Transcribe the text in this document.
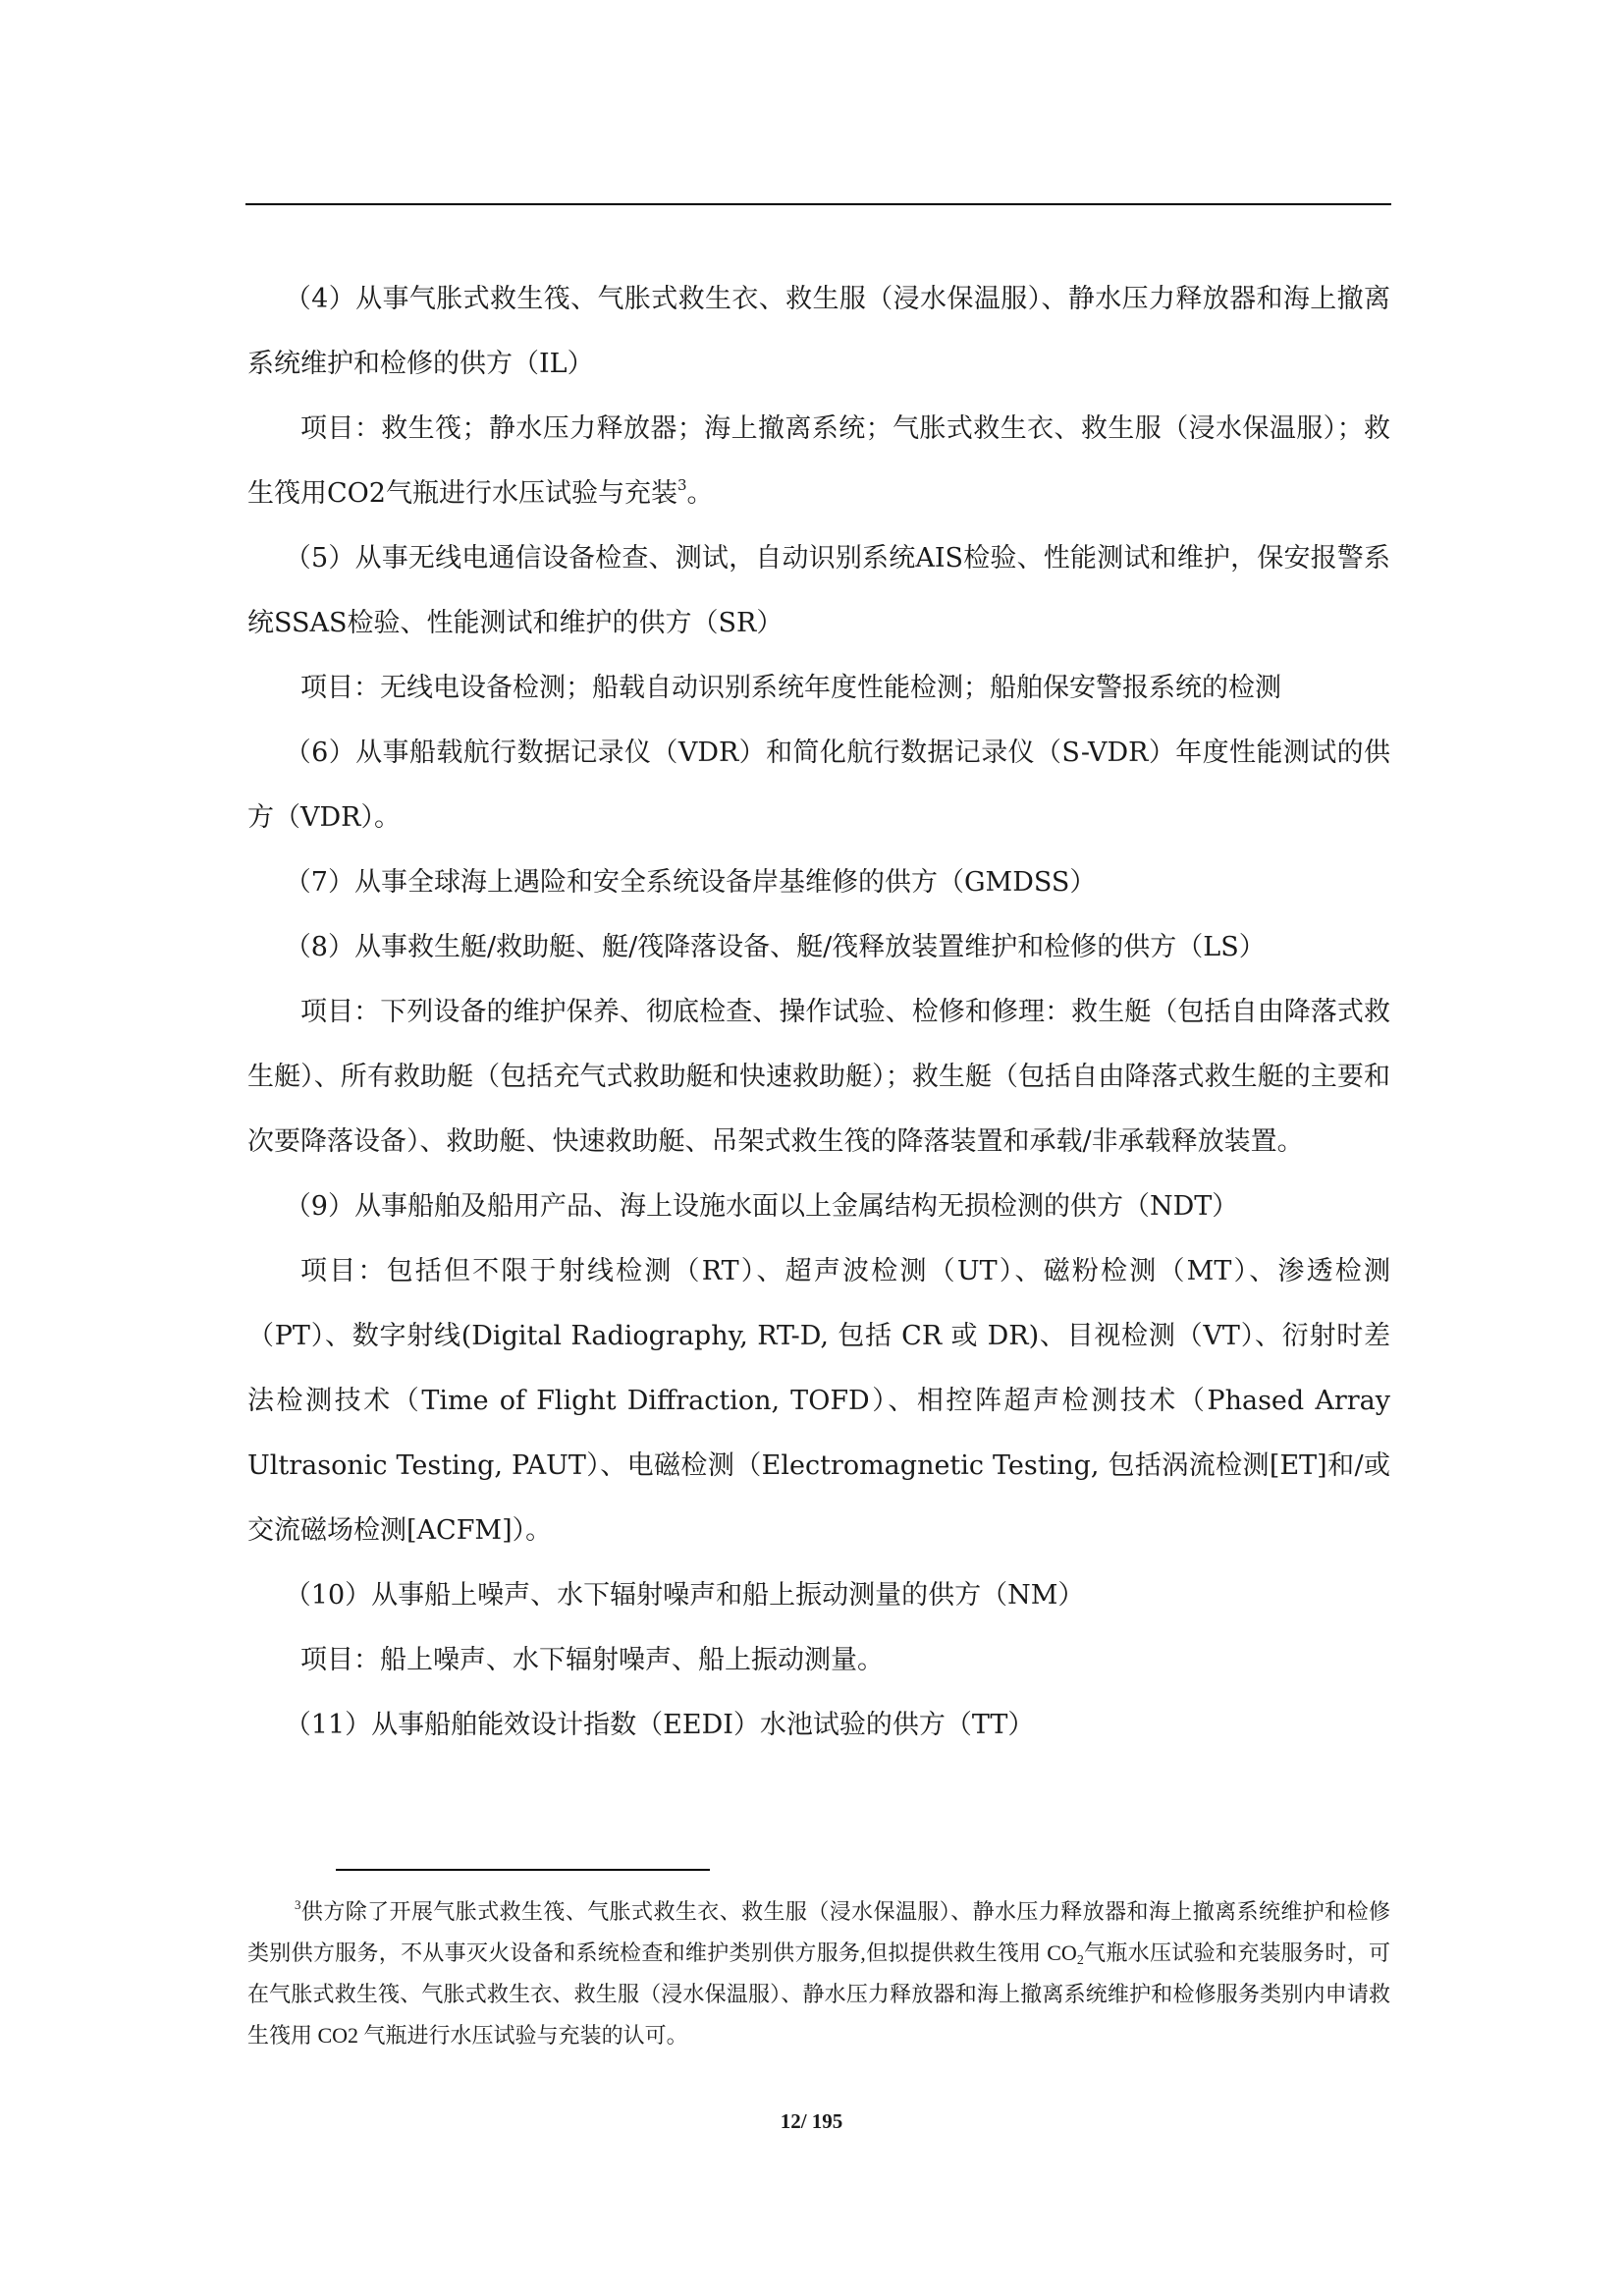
（4）从事气胀式救生筏、气胀式救生衣、救生服（浸水保温服）、静水压力释放器和海上撤离系统维护和检修的供方（IL）

项目：救生筏；静水压力释放器；海上撤离系统；气胀式救生衣、救生服（浸水保温服）；救生筏用CO2气瓶进行水压试验与充装$^3$。

（5）从事无线电通信设备检查、测试，自动识别系统AIS检验、性能测试和维护，保安报警系统SSAS检验、性能测试和维护的供方（SR）

项目：无线电设备检测；船载自动识别系统年度性能检测；船舶保安警报系统的检测

（6）从事船载航行数据记录仪（VDR）和简化航行数据记录仪（S-VDR）年度性能测试的供方（VDR）。

（7）从事全球海上遇险和安全系统设备岸基维修的供方（GMDSS）

（8）从事救生艇/救助艇、艇/筏降落设备、艇/筏释放装置维护和检修的供方（LS）

项目：下列设备的维护保养、彻底检查、操作试验、检修和修理：救生艇（包括自由降落式救生艇）、所有救助艇（包括充气式救助艇和快速救助艇）；救生艇（包括自由降落式救生艇的主要和次要降落设备）、救助艇、快速救助艇、吊架式救生筏的降落装置和承载/非承载释放装置。

（9）从事船舶及船用产品、海上设施水面以上金属结构无损检测的供方（NDT）

项目：包括但不限于射线检测（RT）、超声波检测（UT）、磁粉检测（MT）、渗透检测（PT）、数字射线(Digital Radiography, RT-D, 包括 CR 或 DR)、目视检测（VT）、衍射时差法检测技术（Time of Flight Diffraction, TOFD）、相控阵超声检测技术（Phased Array Ultrasonic Testing, PAUT）、电磁检测（Electromagnetic Testing, 包括涡流检测[ET]和/或交流磁场检测[ACFM]）。

（10）从事船上噪声、水下辐射噪声和船上振动测量的供方（NM）

项目：船上噪声、水下辐射噪声、船上振动测量。

（11）从事船舶能效设计指数（EEDI）水池试验的供方（TT）

$^3$供方除了开展气胀式救生筏、气胀式救生衣、救生服（浸水保温服）、静水压力释放器和海上撤离系统维护和检修类别供方服务，不从事灭火设备和系统检查和维护类别供方服务,但拟提供救生筏用 $CO_2$气瓶水压试验和充装服务时，可在气胀式救生筏、气胀式救生衣、救生服（浸水保温服）、静水压力释放器和海上撤离系统维护和检修服务类别内申请救生筏用 CO2 气瓶进行水压试验与充装的认可。

12/ 195
